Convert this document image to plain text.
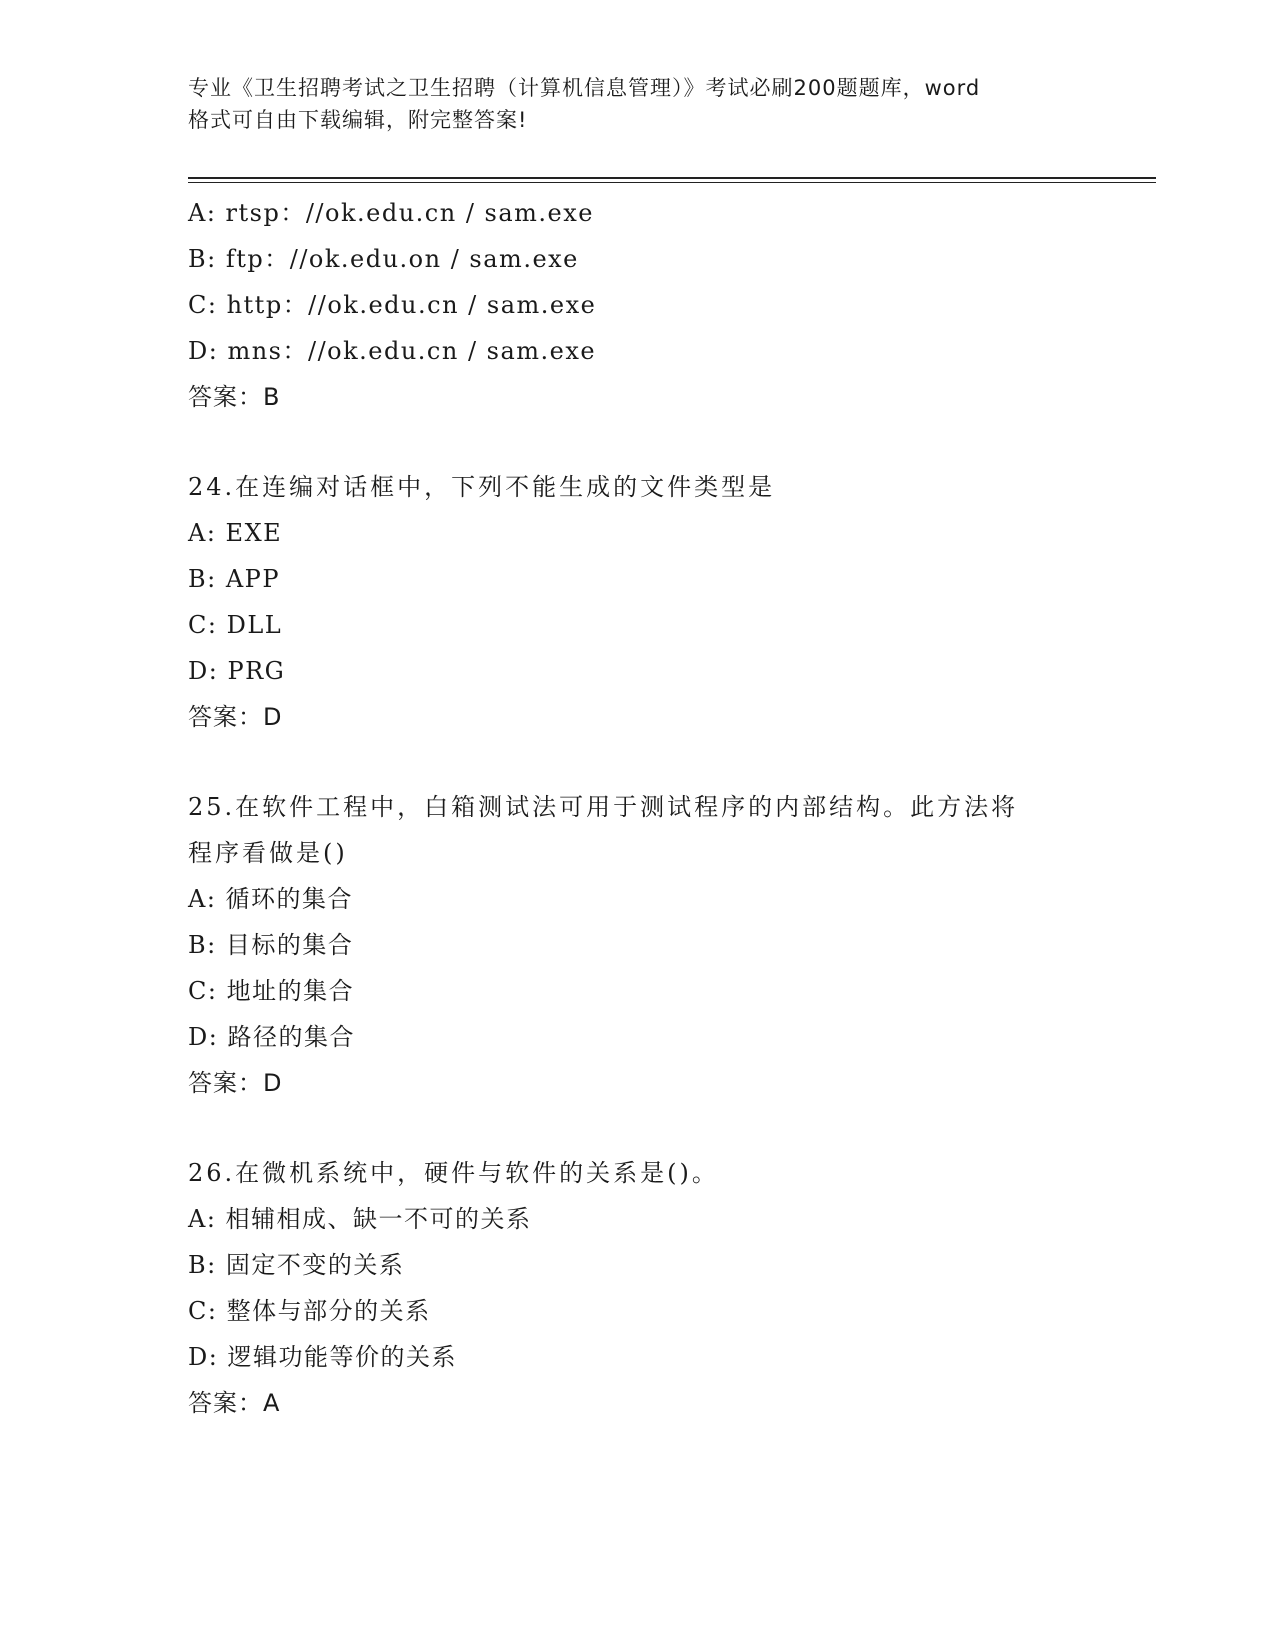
专业《卫生招聘考试之卫生招聘（计算机信息管理）》考试必刷200题题库，word
格式可自由下载编辑，附完整答案!
A: rtsp：//ok.edu.cn / sam.exe
B: ftp：//ok.edu.on / sam.exe
C: http：//ok.edu.cn / sam.exe
D: mns：//ok.edu.cn / sam.exe
答案：B
24.在连编对话框中，下列不能生成的文件类型是
A: EXE
B: APP
C: DLL
D: PRG
答案：D
25.在软件工程中，白箱测试法可用于测试程序的内部结构。此方法将
程序看做是()
A: 循环的集合
B: 目标的集合
C: 地址的集合
D: 路径的集合
答案：D
26.在微机系统中，硬件与软件的关系是()。
A: 相辅相成、缺一不可的关系
B: 固定不变的关系
C: 整体与部分的关系
D: 逻辑功能等价的关系
答案：A
